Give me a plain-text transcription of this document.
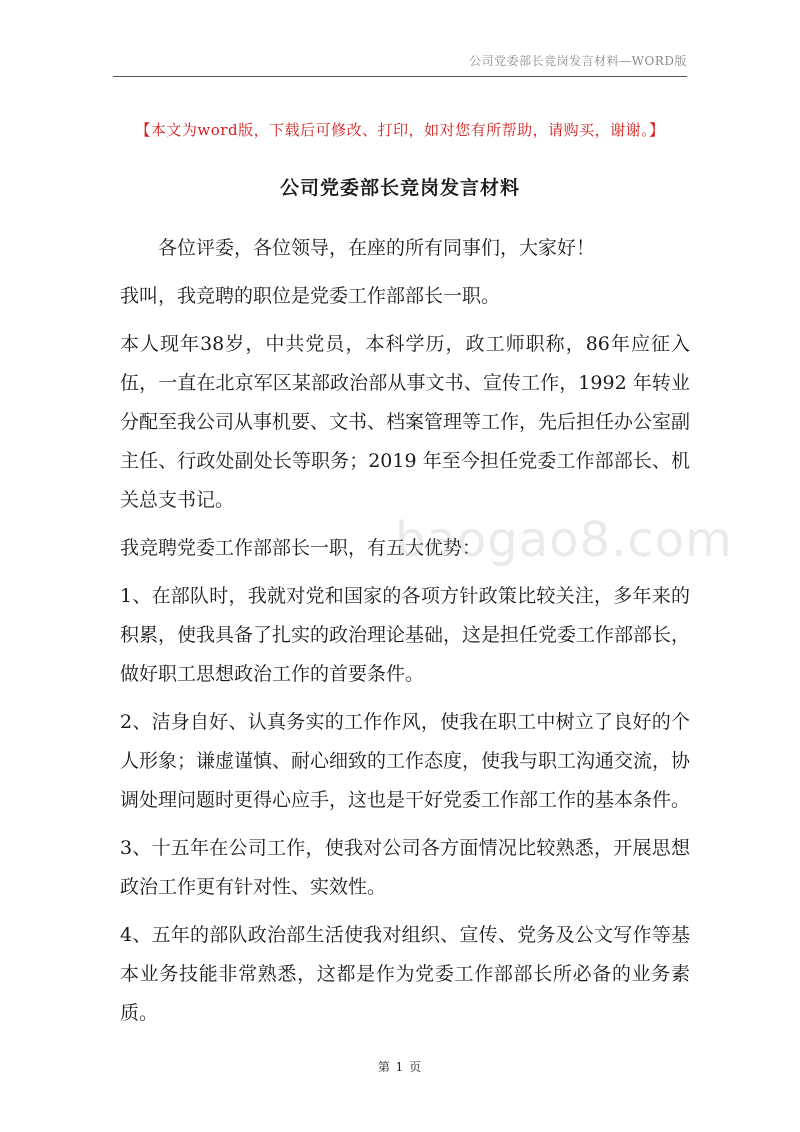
公司党委部长竞岗发言材料—WORD版
【本文为word版，下载后可修改、打印，如对您有所帮助，请购买，谢谢。】
公司党委部长竞岗发言材料

各位评委，各位领导，在座的所有同事们，大家好！

我叫，我竞聘的职位是党委工作部部长一职。

本人现年38岁，中共党员，本科学历，政工师职称，86年应征入伍，一直在北京军区某部政治部从事文书、宣传工作，1992 年转业分配至我公司从事机要、文书、档案管理等工作，先后担任办公室副主任、行政处副处长等职务；2019 年至今担任党委工作部部长、机关总支书记。

我竞聘党委工作部部长一职，有五大优势：

1、在部队时，我就对党和国家的各项方针政策比较关注，多年来的积累，使我具备了扎实的政治理论基础，这是担任党委工作部部长，做好职工思想政治工作的首要条件。

2、洁身自好、认真务实的工作作风，使我在职工中树立了良好的个人形象；谦虚谨慎、耐心细致的工作态度，使我与职工沟通交流，协调处理问题时更得心应手，这也是干好党委工作部工作的基本条件。

3、十五年在公司工作，使我对公司各方面情况比较熟悉，开展思想政治工作更有针对性、实效性。

4、五年的部队政治部生活使我对组织、宣传、党务及公文写作等基本业务技能非常熟悉，这都是作为党委工作部部长所必备的业务素质。

baogao8.com
第 1 页
